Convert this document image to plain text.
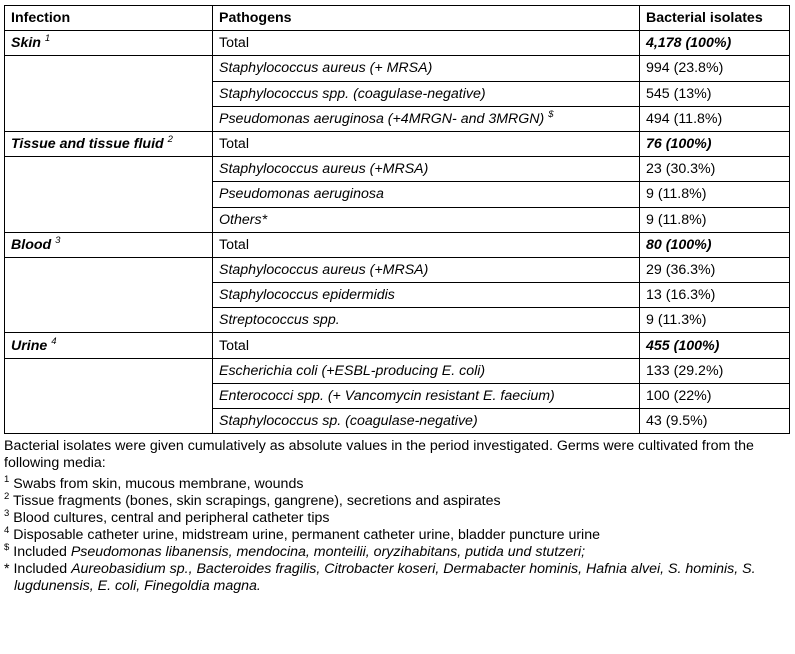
Infection	Pathogens	Bacterial isolates
Skin $^1$	Total	4,178 (100%)
	Staphylococcus aureus (+ MRSA)	994 (23.8%)
	Staphylococcus spp. (coagulase-negative)	545 (13%)
	Pseudomonas aeruginosa (+4MRGN- and 3MRGN) $	494 (11.8%)
Tissue and tissue fluid $^2$	Total	76 (100%)
	Staphylococcus aureus (+MRSA)	23 (30.3%)
	Pseudomonas aeruginosa	9 (11.8%)
	Others*	9 (11.8%)
Blood $^3$	Total	80 (100%)
	Staphylococcus aureus (+MRSA)	29 (36.3%)
	Staphylococcus epidermidis	13 (16.3%)
	Streptococcus spp.	9 (11.3%)
Urine $^4$	Total	455 (100%)
	Escherichia coli (+ESBL-producing E. coli)	133 (29.2%)
	Enterococci spp. (+ Vancomycin resistant E. faecium)	100 (22%)
	Staphylococcus sp. (coagulase-negative)	43 (9.5%)

Bacterial isolates were given cumulatively as absolute values in the period investigated. Germs were cultivated from the following media:

$^1$ Swabs from skin, mucous membrane, wounds

$^2$ Tissue fragments (bones, skin scrapings, gangrene), secretions and aspirates

$^3$ Blood cultures, central and peripheral catheter tips

$^4$ Disposable catheter urine, midstream urine, permanent catheter urine, bladder puncture urine

$ Included Pseudomonas libanensis, mendocina, monteilii, oryzihabitans, putida und stutzeri;

* Included Aureobasidium sp., Bacteroides fragilis, Citrobacter koseri, Dermabacter hominis, Hafnia alvei, S. hominis, S. lugdunensis, E. coli, Finegoldia magna.
